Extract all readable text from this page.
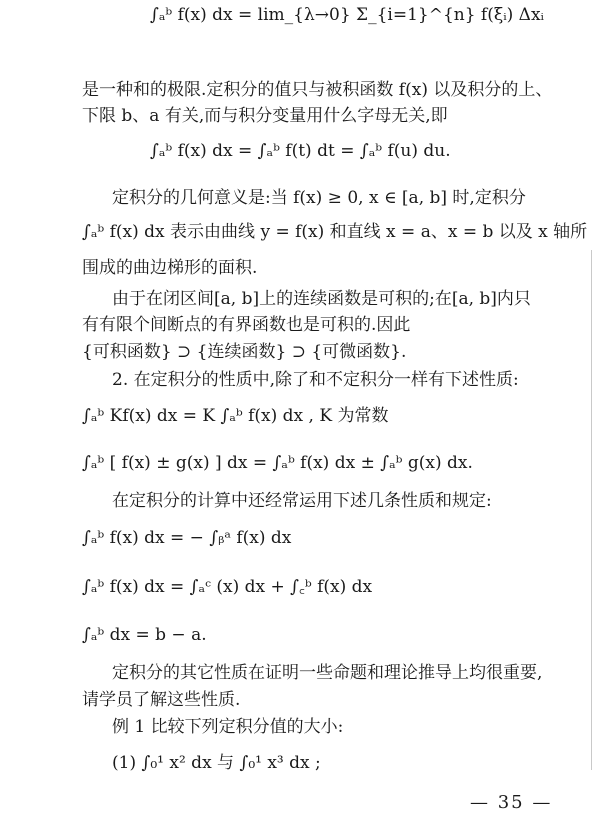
∫ₐᵇ f(x) dx = lim_{λ→0} Σ_{i=1}^{n} f(ξᵢ) Δxᵢ
是一种和的极限.定积分的值只与被积函数 f(x) 以及积分的上、
下限 b、a 有关,而与积分变量用什么字母无关,即
∫ₐᵇ f(x) dx = ∫ₐᵇ f(t) dt = ∫ₐᵇ f(u) du.
定积分的几何意义是:当 f(x) ≥ 0, x ∈ [a, b] 时,定积分
∫ₐᵇ f(x) dx 表示由曲线 y = f(x) 和直线 x = a、x = b 以及 x 轴所
围成的曲边梯形的面积.
由于在闭区间[a, b]上的连续函数是可积的;在[a, b]内只
有有限个间断点的有界函数也是可积的.因此
{可积函数} ⊃ {连续函数} ⊃ {可微函数}.
2. 在定积分的性质中,除了和不定积分一样有下述性质:
∫ₐᵇ Kf(x) dx = K ∫ₐᵇ f(x) dx , K 为常数
∫ₐᵇ [ f(x) ± g(x) ] dx = ∫ₐᵇ f(x) dx ± ∫ₐᵇ g(x) dx.
在定积分的计算中还经常运用下述几条性质和规定:
∫ₐᵇ f(x) dx = − ∫ᵦᵃ f(x) dx
∫ₐᵇ f(x) dx = ∫ₐᶜ (x) dx + ∫꜀ᵇ f(x) dx
∫ₐᵇ dx = b − a.
定积分的其它性质在证明一些命题和理论推导上均很重要,
请学员了解这些性质.
例 1 比较下列定积分值的大小:
(1) ∫₀¹ x² dx 与 ∫₀¹ x³ dx ;
— 35 —
